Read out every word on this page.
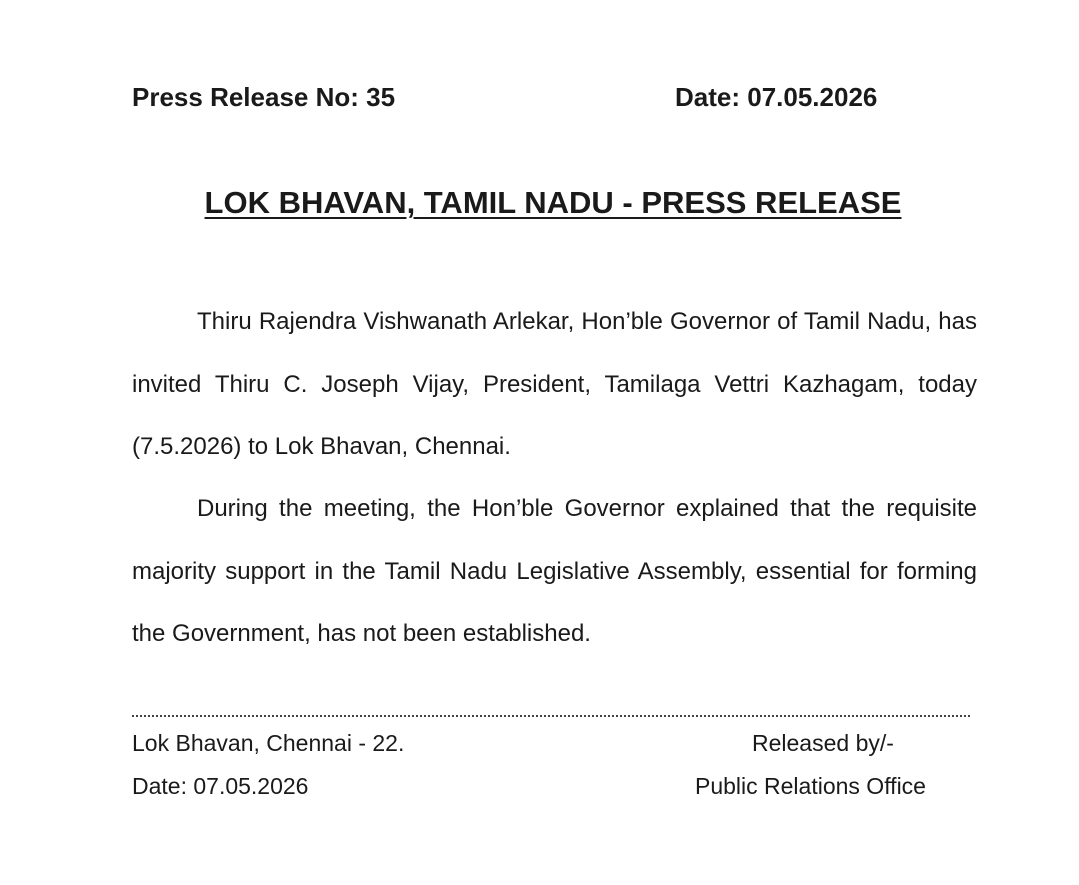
Press Release No: 35	Date: 07.05.2026
LOK BHAVAN, TAMIL NADU - PRESS RELEASE

Thiru Rajendra Vishwanath Arlekar, Hon’ble Governor of Tamil Nadu, has invited Thiru C. Joseph Vijay, President, Tamilaga Vettri Kazhagam, today (7.5.2026) to Lok Bhavan, Chennai.

During the meeting, the Hon’ble Governor explained that the requisite majority support in the Tamil Nadu Legislative Assembly, essential for forming the Government, has not been established.

Lok Bhavan, Chennai - 22.
Date: 07.05.2026
Released by/-
Public Relations Office
